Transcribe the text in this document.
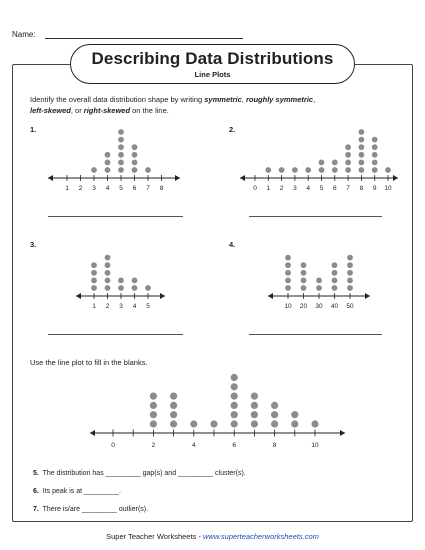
Name:
Describing Data Distributions
Line Plots
Identify the overall data distribution shape by writing symmetric, roughly symmetric,
left-skewed, or right-skewed on the line.
1.	2.
3.	4.
1 2 3 4 5 6 7 8	0 1 2 3 4 5 6 7 8 9 10
1 2 3 4 5	10 20 30 40 50
0	2	4	6	8	10
Use the line plot to fill in the blanks.
5. The distribution has _________ gap(s) and _________ cluster(s).
6. Its peak is at _________.
7. There is/are _________ outlier(s).
Super Teacher Worksheets - www.superteacherworksheets.com
